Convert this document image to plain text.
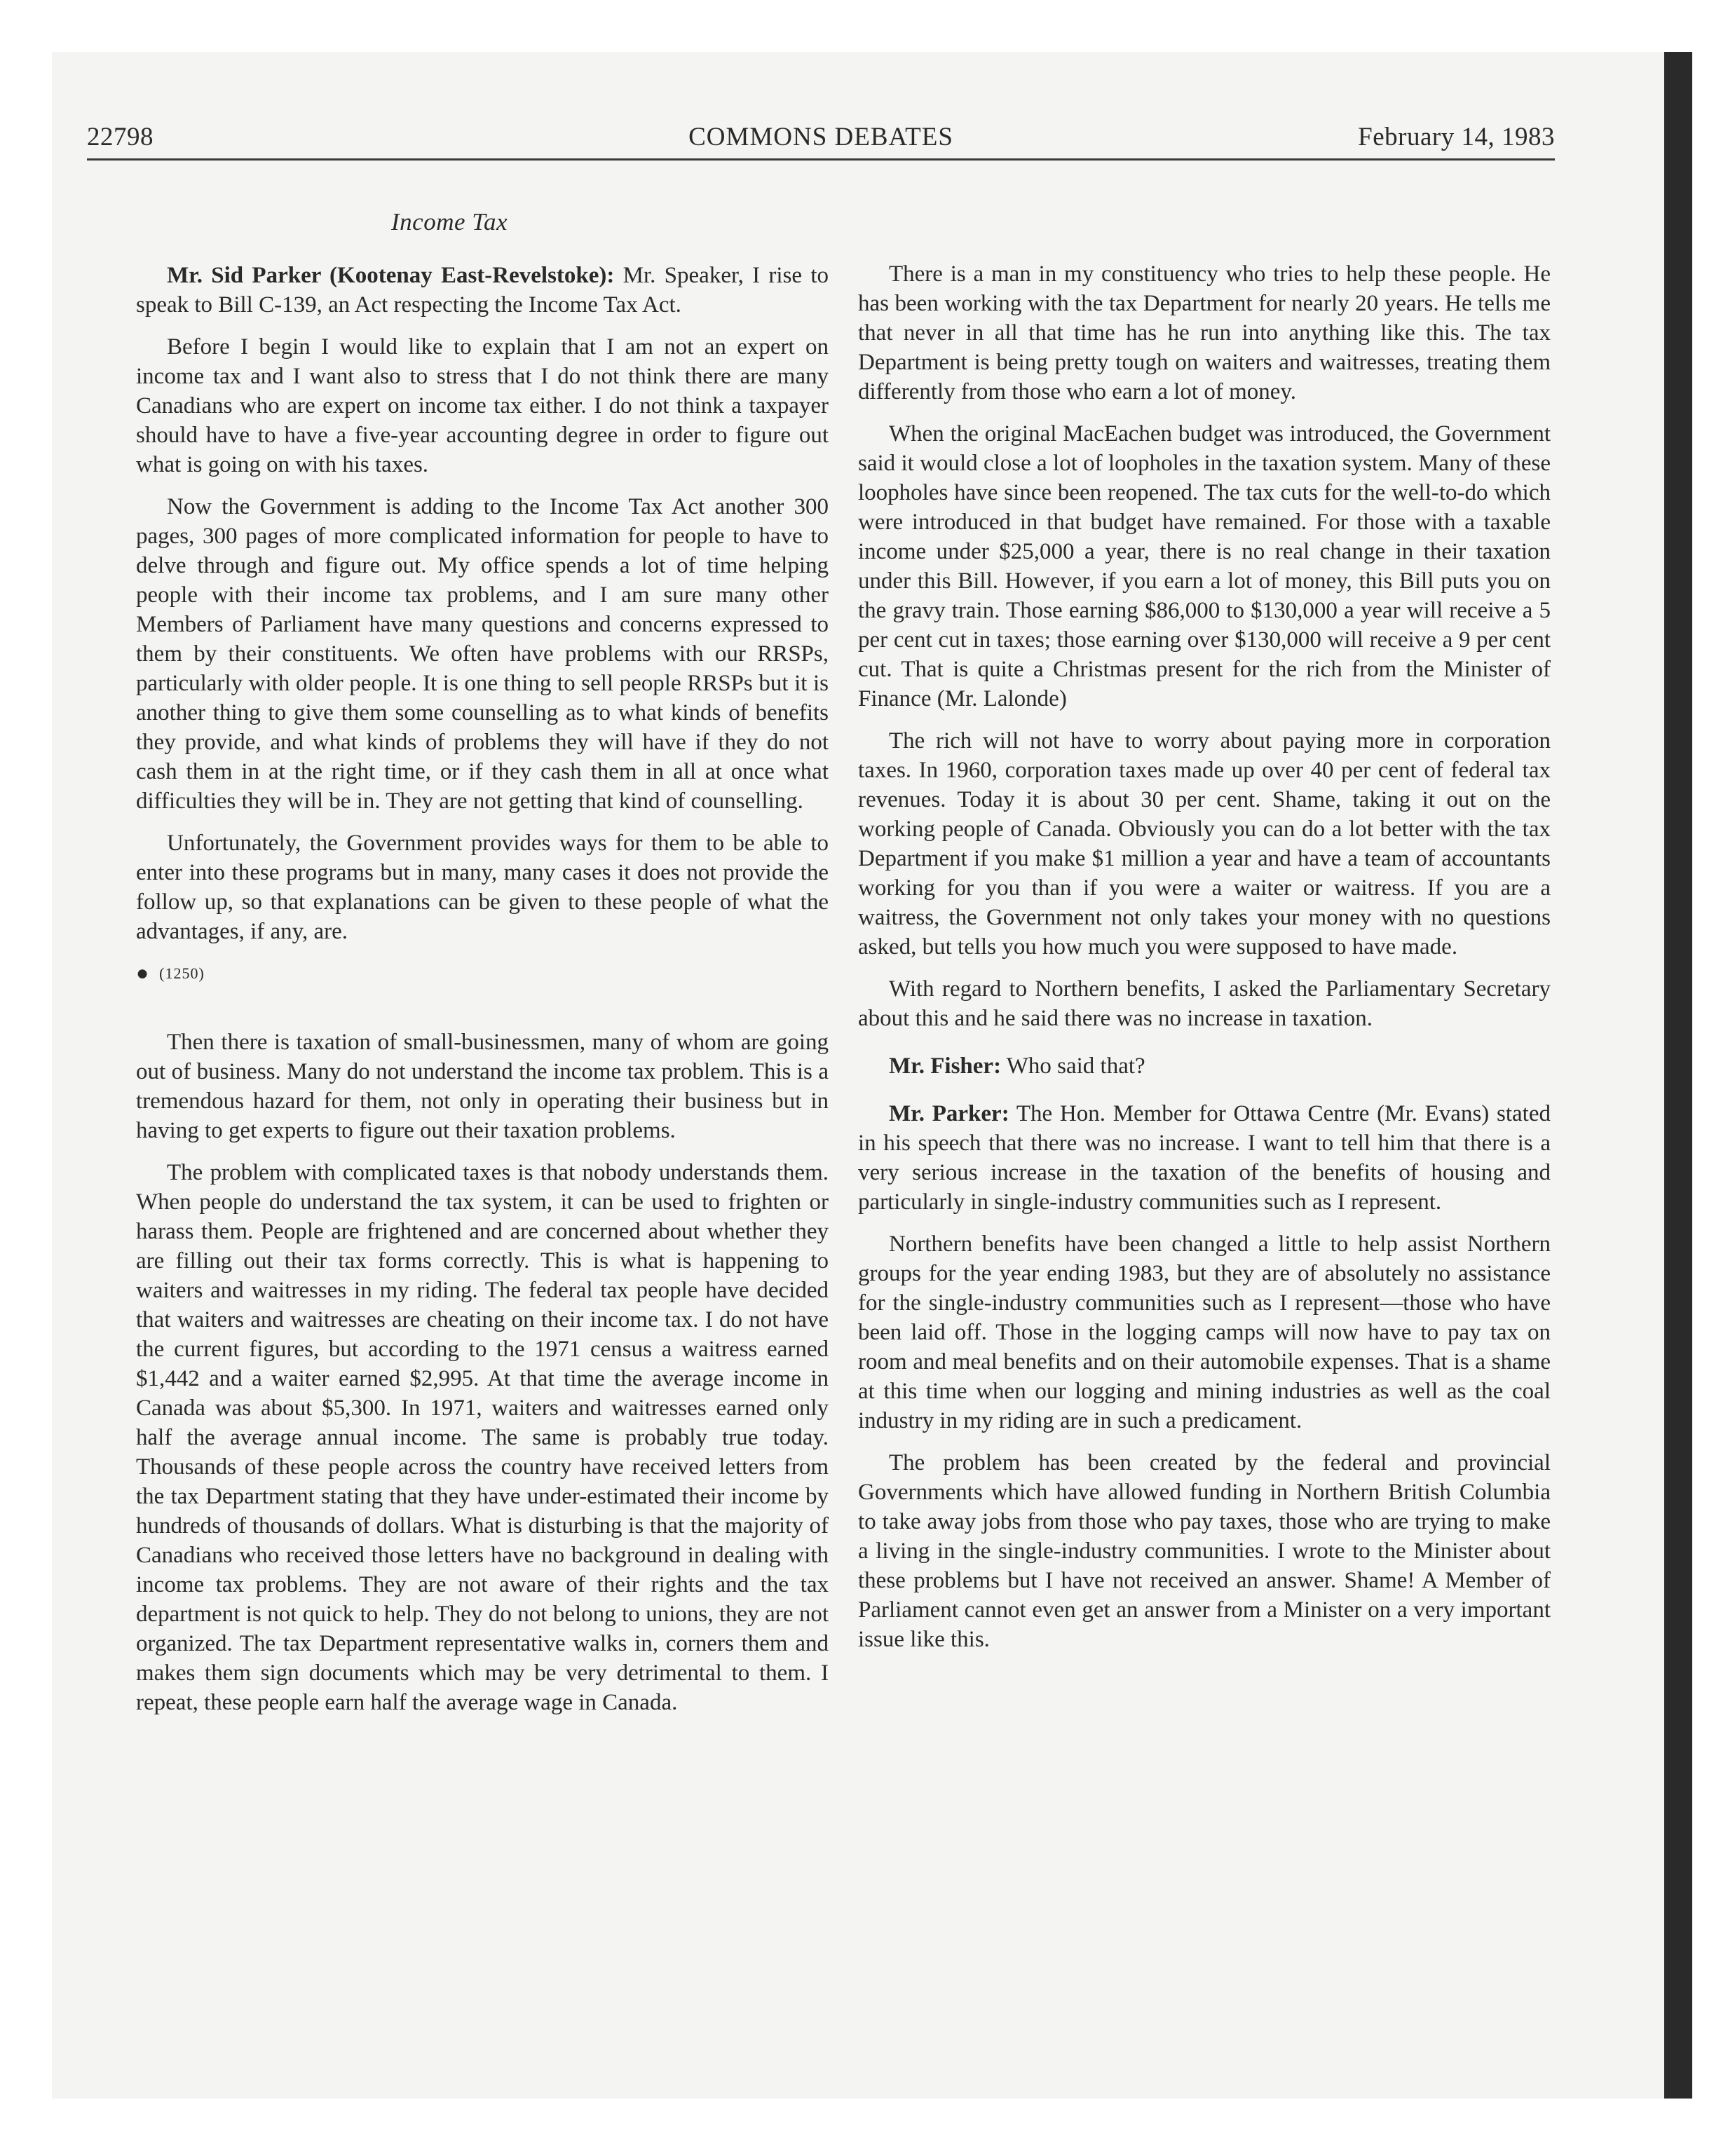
22798	COMMONS DEBATES	February 14, 1983
Income Tax

Mr. Sid Parker (Kootenay East-Revelstoke): Mr. Speaker, I rise to speak to Bill C-139, an Act respecting the Income Tax Act.

Before I begin I would like to explain that I am not an expert on income tax and I want also to stress that I do not think there are many Canadians who are expert on income tax either. I do not think a taxpayer should have to have a five-year accounting degree in order to figure out what is going on with his taxes.

Now the Government is adding to the Income Tax Act another 300 pages, 300 pages of more complicated information for people to have to delve through and figure out. My office spends a lot of time helping people with their income tax problems, and I am sure many other Members of Parliament have many questions and concerns expressed to them by their constituents. We often have problems with our RRSPs, particularly with older people. It is one thing to sell people RRSPs but it is another thing to give them some counselling as to what kinds of benefits they provide, and what kinds of problems they will have if they do not cash them in at the right time, or if they cash them in all at once what difficulties they will be in. They are not getting that kind of counselling.

Unfortunately, the Government provides ways for them to be able to enter into these programs but in many, many cases it does not provide the follow up, so that explanations can be given to these people of what the advantages, if any, are.

● (1250)

Then there is taxation of small-businessmen, many of whom are going out of business. Many do not understand the income tax problem. This is a tremendous hazard for them, not only in operating their business but in having to get experts to figure out their taxation problems.

The problem with complicated taxes is that nobody understands them. When people do understand the tax system, it can be used to frighten or harass them. People are frightened and are concerned about whether they are filling out their tax forms correctly. This is what is happening to waiters and waitresses in my riding. The federal tax people have decided that waiters and waitresses are cheating on their income tax. I do not have the current figures, but according to the 1971 census a waitress earned $1,442 and a waiter earned $2,995. At that time the average income in Canada was about $5,300. In 1971, waiters and waitresses earned only half the average annual income. The same is probably true today. Thousands of these people across the country have received letters from the tax Department stating that they have under-estimated their income by hundreds of thousands of dollars. What is disturbing is that the majority of Canadians who received those letters have no background in dealing with income tax problems. They are not aware of their rights and the tax department is not quick to help. They do not belong to unions, they are not organized. The tax Department representative walks in, corners them and makes them sign documents which may be very detrimental to them. I repeat, these people earn half the average wage in Canada.

There is a man in my constituency who tries to help these people. He has been working with the tax Department for nearly 20 years. He tells me that never in all that time has he run into anything like this. The tax Department is being pretty tough on waiters and waitresses, treating them differently from those who earn a lot of money.

When the original MacEachen budget was introduced, the Government said it would close a lot of loopholes in the taxation system. Many of these loopholes have since been reopened. The tax cuts for the well-to-do which were introduced in that budget have remained. For those with a taxable income under $25,000 a year, there is no real change in their taxation under this Bill. However, if you earn a lot of money, this Bill puts you on the gravy train. Those earning $86,000 to $130,000 a year will receive a 5 per cent cut in taxes; those earning over $130,000 will receive a 9 per cent cut. That is quite a Christmas present for the rich from the Minister of Finance (Mr. Lalonde)

The rich will not have to worry about paying more in corporation taxes. In 1960, corporation taxes made up over 40 per cent of federal tax revenues. Today it is about 30 per cent. Shame, taking it out on the working people of Canada. Obviously you can do a lot better with the tax Department if you make $1 million a year and have a team of accountants working for you than if you were a waiter or waitress. If you are a waitress, the Government not only takes your money with no questions asked, but tells you how much you were supposed to have made.

With regard to Northern benefits, I asked the Parliamentary Secretary about this and he said there was no increase in taxation.

Mr. Fisher: Who said that?

Mr. Parker: The Hon. Member for Ottawa Centre (Mr. Evans) stated in his speech that there was no increase. I want to tell him that there is a very serious increase in the taxation of the benefits of housing and particularly in single-industry communities such as I represent.

Northern benefits have been changed a little to help assist Northern groups for the year ending 1983, but they are of absolutely no assistance for the single-industry communities such as I represent—those who have been laid off. Those in the logging camps will now have to pay tax on room and meal benefits and on their automobile expenses. That is a shame at this time when our logging and mining industries as well as the coal industry in my riding are in such a predicament.

The problem has been created by the federal and provincial Governments which have allowed funding in Northern British Columbia to take away jobs from those who pay taxes, those who are trying to make a living in the single-industry communities. I wrote to the Minister about these problems but I have not received an answer. Shame! A Member of Parliament cannot even get an answer from a Minister on a very important issue like this.
